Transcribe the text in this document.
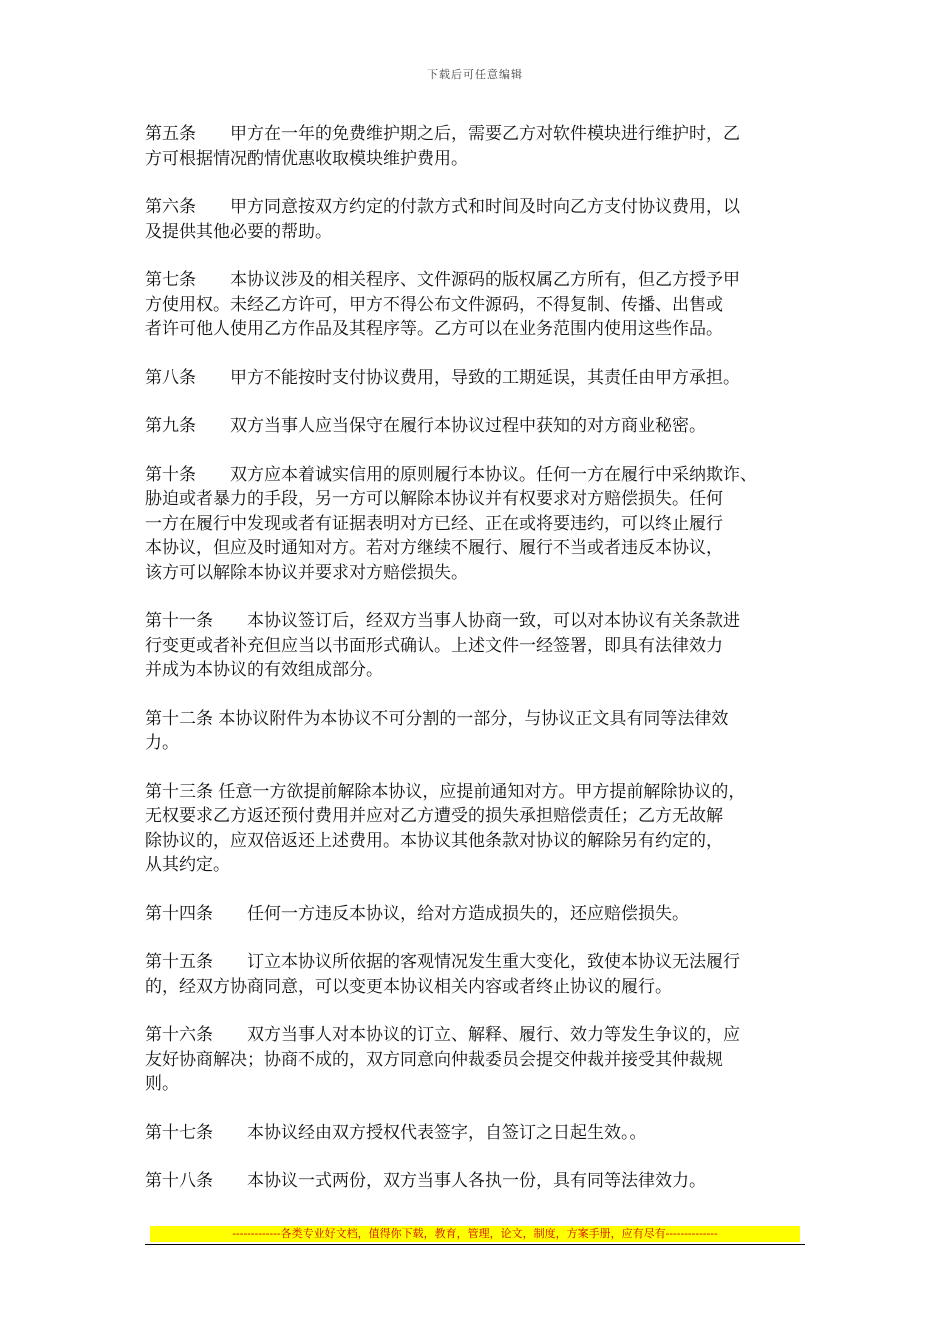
下载后可任意编辑

第五条　　甲方在一年的免费维护期之后，需要乙方对软件模块进行维护时，乙
方可根据情况酌情优惠收取模块维护费用。

第六条　　甲方同意按双方约定的付款方式和时间及时向乙方支付协议费用，以
及提供其他必要的帮助。

第七条　　本协议涉及的相关程序、文件源码的版权属乙方所有，但乙方授予甲
方使用权。未经乙方许可，甲方不得公布文件源码，不得复制、传播、出售或
者许可他人使用乙方作品及其程序等。乙方可以在业务范围内使用这些作品。

第八条　　甲方不能按时支付协议费用，导致的工期延误，其责任由甲方承担。

第九条　　双方当事人应当保守在履行本协议过程中获知的对方商业秘密。

第十条　　双方应本着诚实信用的原则履行本协议。任何一方在履行中采纳欺诈、
胁迫或者暴力的手段，另一方可以解除本协议并有权要求对方赔偿损失。任何
一方在履行中发现或者有证据表明对方已经、正在或将要违约，可以终止履行
本协议，但应及时通知对方。若对方继续不履行、履行不当或者违反本协议，
该方可以解除本协议并要求对方赔偿损失。

第十一条　　本协议签订后，经双方当事人协商一致，可以对本协议有关条款进
行变更或者补充但应当以书面形式确认。上述文件一经签署，即具有法律效力
并成为本协议的有效组成部分。

第十二条 本协议附件为本协议不可分割的一部分，与协议正文具有同等法律效
力。

第十三条 任意一方欲提前解除本协议，应提前通知对方。甲方提前解除协议的，
无权要求乙方返还预付费用并应对乙方遭受的损失承担赔偿责任；乙方无故解
除协议的，应双倍返还上述费用。本协议其他条款对协议的解除另有约定的，
从其约定。

第十四条　　任何一方违反本协议，给对方造成损失的，还应赔偿损失。

第十五条　　订立本协议所依据的客观情况发生重大变化，致使本协议无法履行
的，经双方协商同意，可以变更本协议相关内容或者终止协议的履行。

第十六条　　双方当事人对本协议的订立、解释、履行、效力等发生争议的，应
友好协商解决；协商不成的，双方同意向仲裁委员会提交仲裁并接受其仲裁规
则。

第十七条　　本协议经由双方授权代表签字，自签订之日起生效。。

第十八条　　本协议一式两份，双方当事人各执一份，具有同等法律效力。

-------------各类专业好文档，值得你下载，教育，管理，论文，制度，方案手册，应有尽有--------------
